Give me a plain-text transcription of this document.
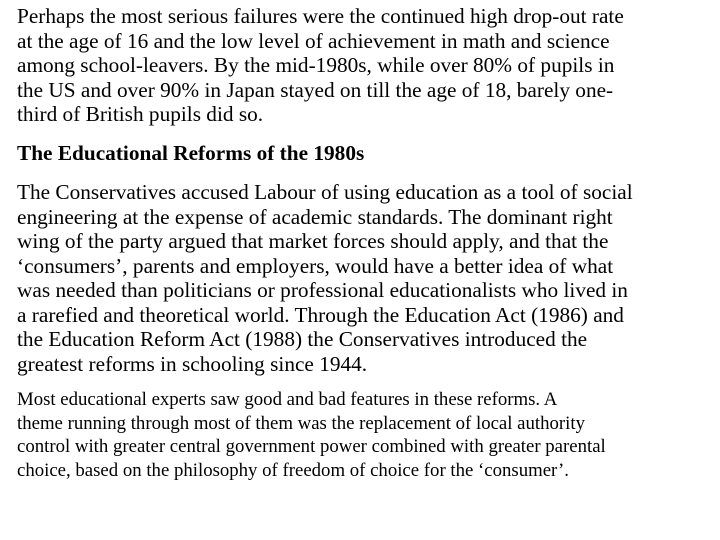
Perhaps the most serious failures were the continued high drop-out rate
at the age of 16 and the low level of achievement in math and science
among school-leavers. By the mid-1980s, while over 80% of pupils in
the US and over 90% in Japan stayed on till the age of 18, barely one-
third of British pupils did so.

The Educational Reforms of the 1980s

The Conservatives accused Labour of using education as a tool of social
engineering at the expense of academic standards. The dominant right
wing of the party argued that market forces should apply, and that the
‘consumers’, parents and employers, would have a better idea of what
was needed than politicians or professional educationalists who lived in
a rarefied and theoretical world. Through the Education Act (1986) and
the Education Reform Act (1988) the Conservatives introduced the
greatest reforms in schooling since 1944.

Most educational experts saw good and bad features in these reforms. A
theme running through most of them was the replacement of local authority
control with greater central government power combined with greater parental
choice, based on the philosophy of freedom of choice for the ‘consumer’.
